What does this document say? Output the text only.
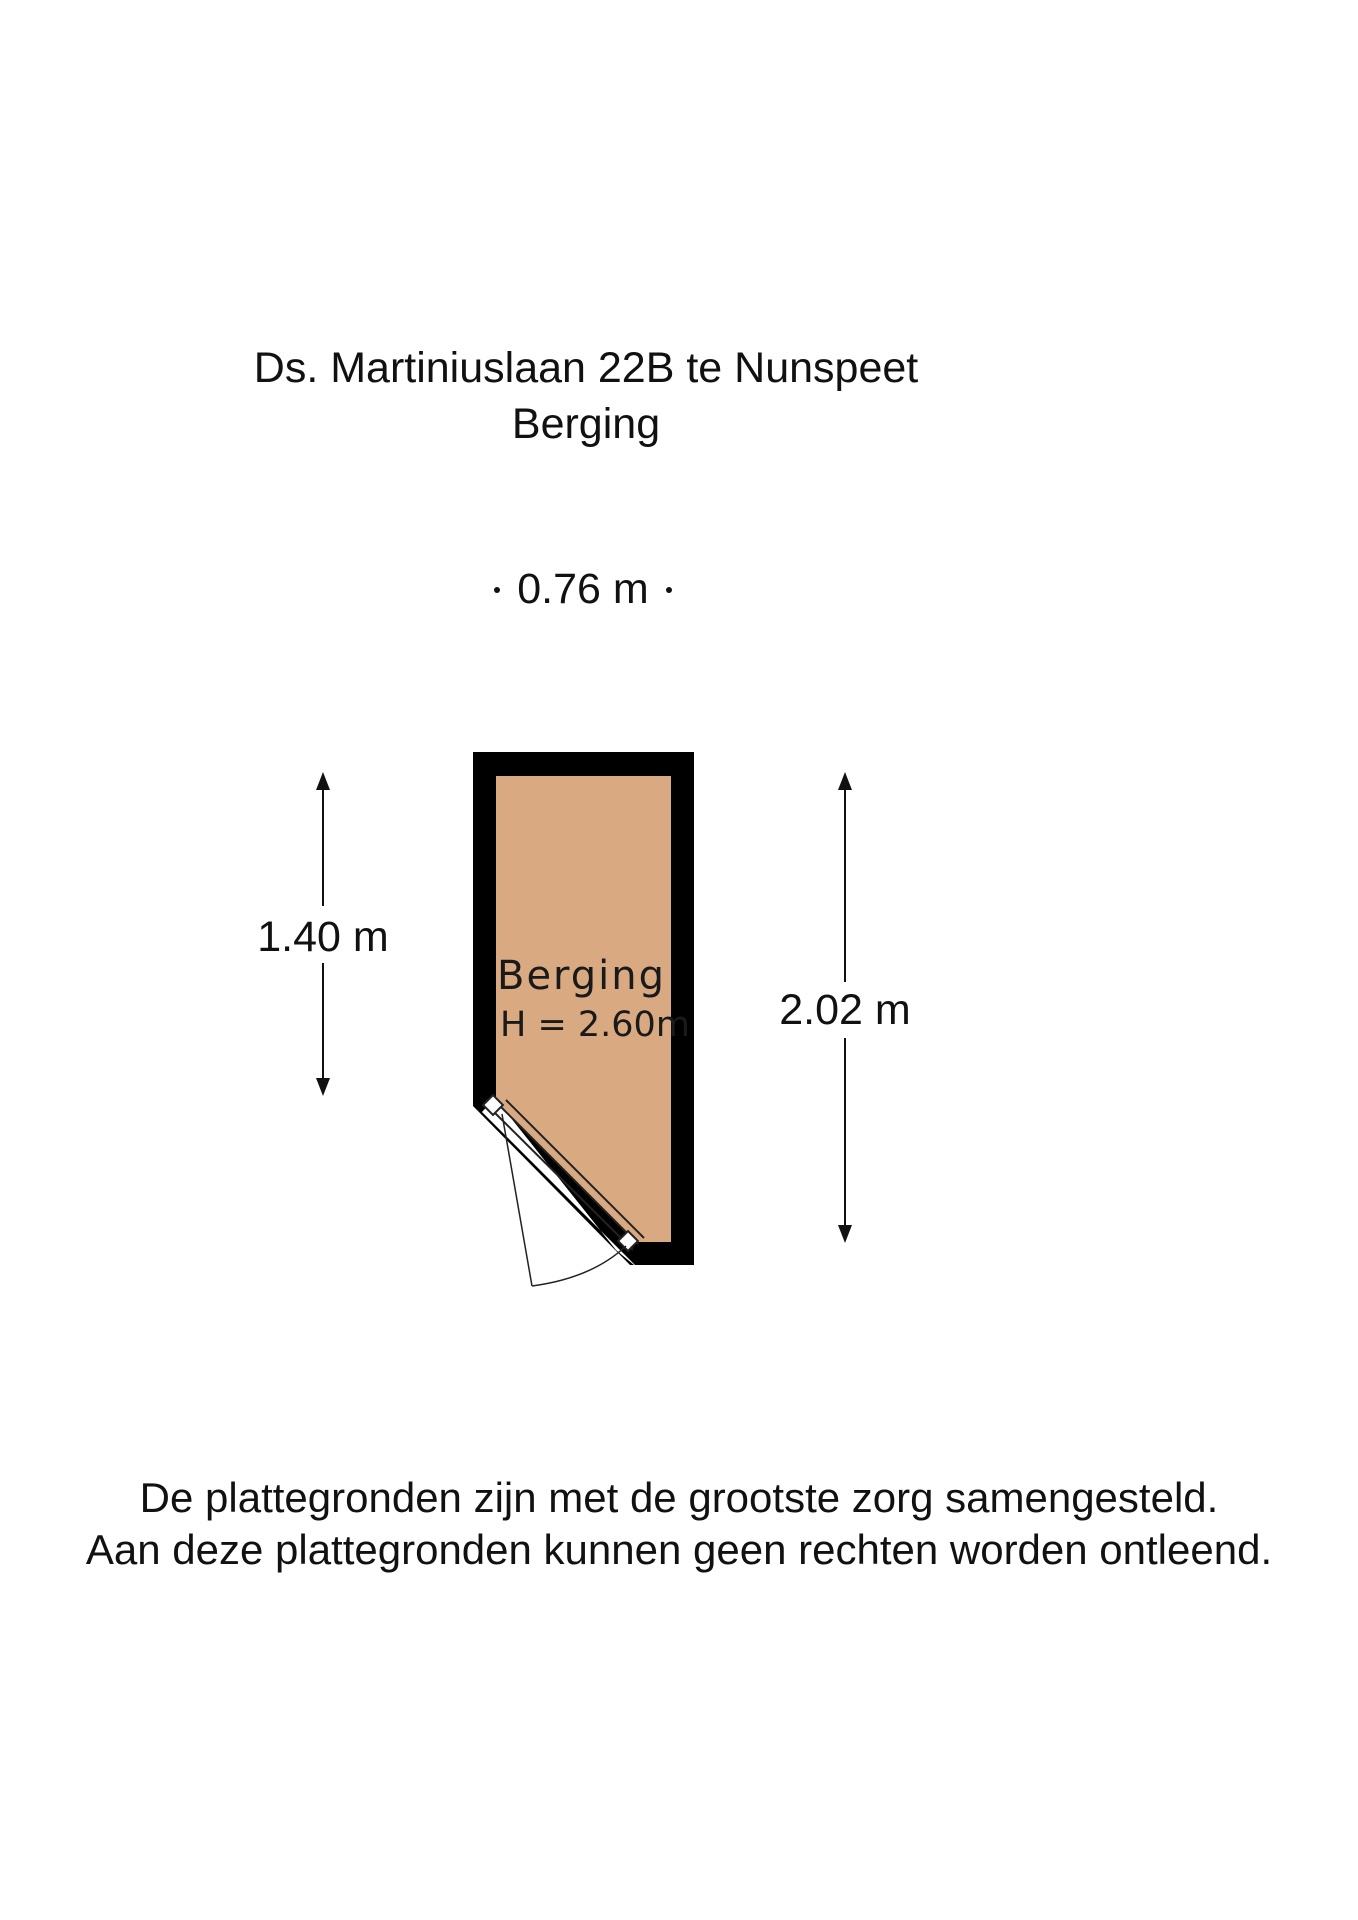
Ds. Martiniuslaan 22B te Nunspeet
Berging
0.76 m
1.40 m
2.02 m
Berging
H = 2.60m
De plattegronden zijn met de grootste zorg samengesteld.
Aan deze plattegronden kunnen geen rechten worden ontleend.
